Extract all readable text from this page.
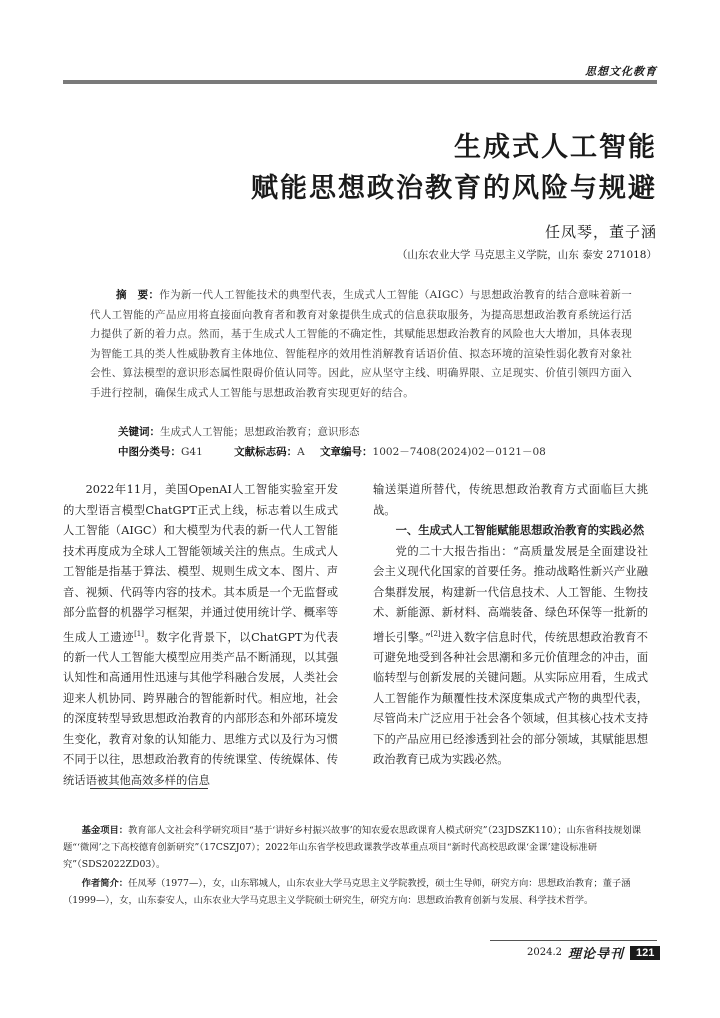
思想文化教育
生成式人工智能
赋能思想政治教育的风险与规避
任凤琴，董子涵
（山东农业大学 马克思主义学院，山东 泰安 271018）

摘　要：作为新一代人工智能技术的典型代表，生成式人工智能（AIGC）与思想政治教育的结合意味着新一代人工智能的产品应用将直接面向教育者和教育对象提供生成式的信息获取服务，为提高思想政治教育系统运行活力提供了新的着力点。然而，基于生成式人工智能的不确定性，其赋能思想政治教育的风险也大大增加，具体表现为智能工具的类人性威胁教育主体地位、智能程序的效用性消解教育话语价值、拟态环境的渲染性弱化教育对象社会性、算法模型的意识形态属性限碍价值认同等。因此，应从坚守主线、明确界限、立足现实、价值引领四方面入手进行控制，确保生成式人工智能与思想政治教育实现更好的结合。

关键词：生成式人工智能；思想政治教育；意识形态
中图分类号：G41	文献标志码：A 文章编号：1002－7408(2024)02－0121－08

2022年11月，美国OpenAI人工智能实验室开发的大型语言模型ChatGPT正式上线，标志着以生成式人工智能（AIGC）和大模型为代表的新一代人工智能技术再度成为全球人工智能领域关注的焦点。生成式人工智能是指基于算法、模型、规则生成文本、图片、声音、视频、代码等内容的技术。其本质是一个无监督或部分监督的机器学习框架，并通过使用统计学、概率等生成人工遗迹[1]。数字化背景下，以ChatGPT为代表的新一代人工智能大模型应用类产品不断涌现，以其强认知性和高通用性迅速与其他学科融合发展，人类社会迎来人机协同、跨界融合的智能新时代。相应地，社会的深度转型导致思想政治教育的内部形态和外部环境发生变化，教育对象的认知能力、思维方式以及行为习惯不同于以往，思想政治教育的传统课堂、传统媒体、传统话语被其他高效多样的信息

输送渠道所替代，传统思想政治教育方式面临巨大挑战。

一、生成式人工智能赋能思想政治教育的实践必然

党的二十大报告指出：“高质量发展是全面建设社会主义现代化国家的首要任务。推动战略性新兴产业融合集群发展，构建新一代信息技术、人工智能、生物技术、新能源、新材料、高端装备、绿色环保等一批新的增长引擎。”[2]进入数字信息时代，传统思想政治教育不可避免地受到各种社会思潮和多元价值理念的冲击，面临转型与创新发展的关键问题。从实际应用看，生成式人工智能作为颠覆性技术深度集成式产物的典型代表，尽管尚未广泛应用于社会各个领域，但其核心技术支持下的产品应用已经渗透到社会的部分领域，其赋能思想政治教育已成为实践必然。

基金项目：教育部人文社会科学研究项目“基于‘讲好乡村振兴故事’的知农爱农思政课育人模式研究”（23JDSZK110）；山东省科技规划课题“‘微网’之下高校德育创新研究”（17CSZJ07）；2022年山东省学校思政课教学改革重点项目“新时代高校思政课‘金课’建设标准研究”（SDS2022ZD03）。

作者简介：任凤琴（1977—），女，山东郓城人，山东农业大学马克思主义学院教授，硕士生导师，研究方向：思想政治教育；董子涵（1999—），女，山东泰安人，山东农业大学马克思主义学院硕士研究生，研究方向：思想政治教育创新与发展、科学技术哲学。

2024.2 理论导刊	121
